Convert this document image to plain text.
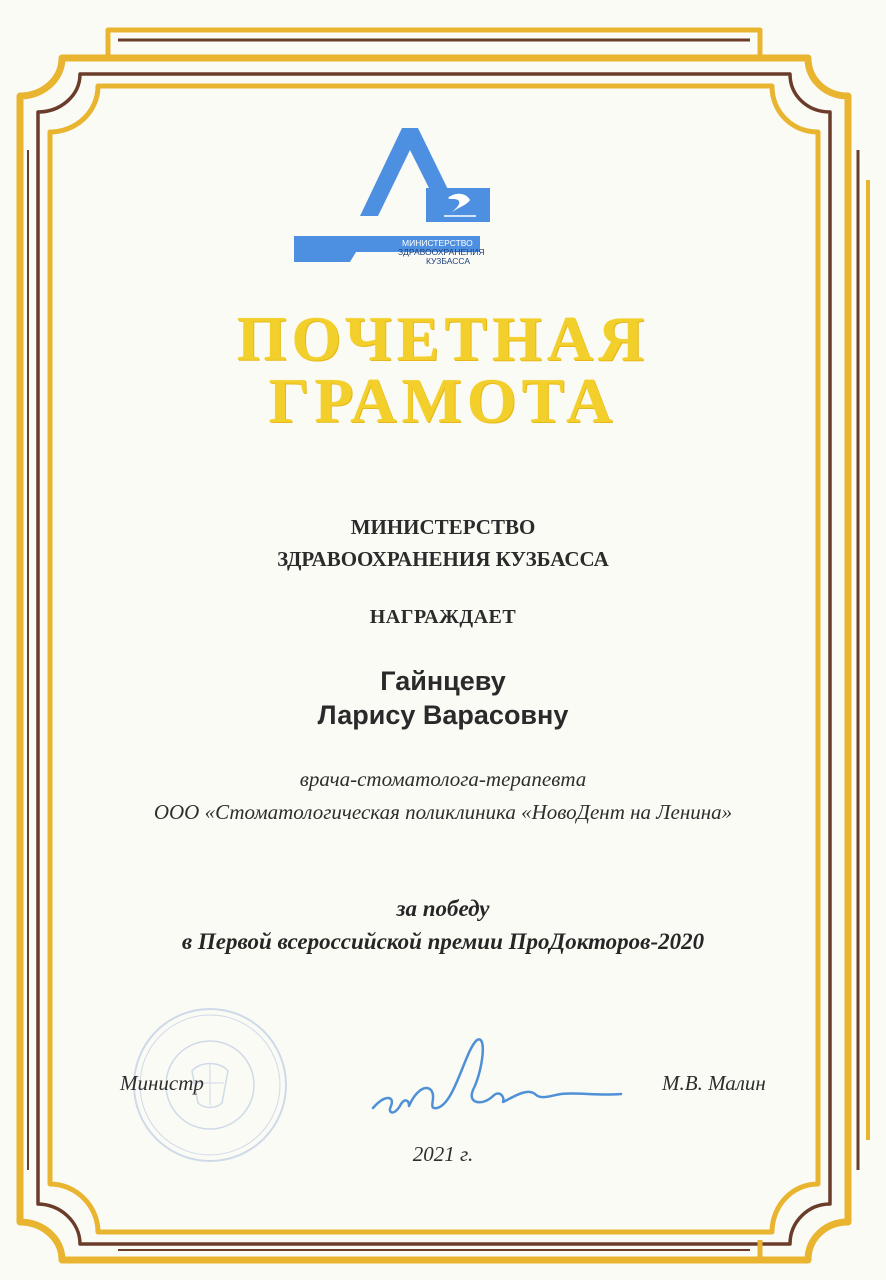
МИНИСТЕРСТВО
ЗДРАВООХРАНЕНИЯ
КУЗБАССА
ПОЧЕТНАЯ
ГРАМОТА

МИНИСТЕРСТВО

ЗДРАВООХРАНЕНИЯ КУЗБАССА

НАГРАЖДАЕТ

Гайнцеву

Ларису Варасовну

врача-стоматолога-терапевта

ООО «Стоматологическая поликлиника «НовоДент на Ленина»

за победу

в Первой всероссийской премии ПроДокторов-2020

Министр	М.В. Малин

2021 г.
